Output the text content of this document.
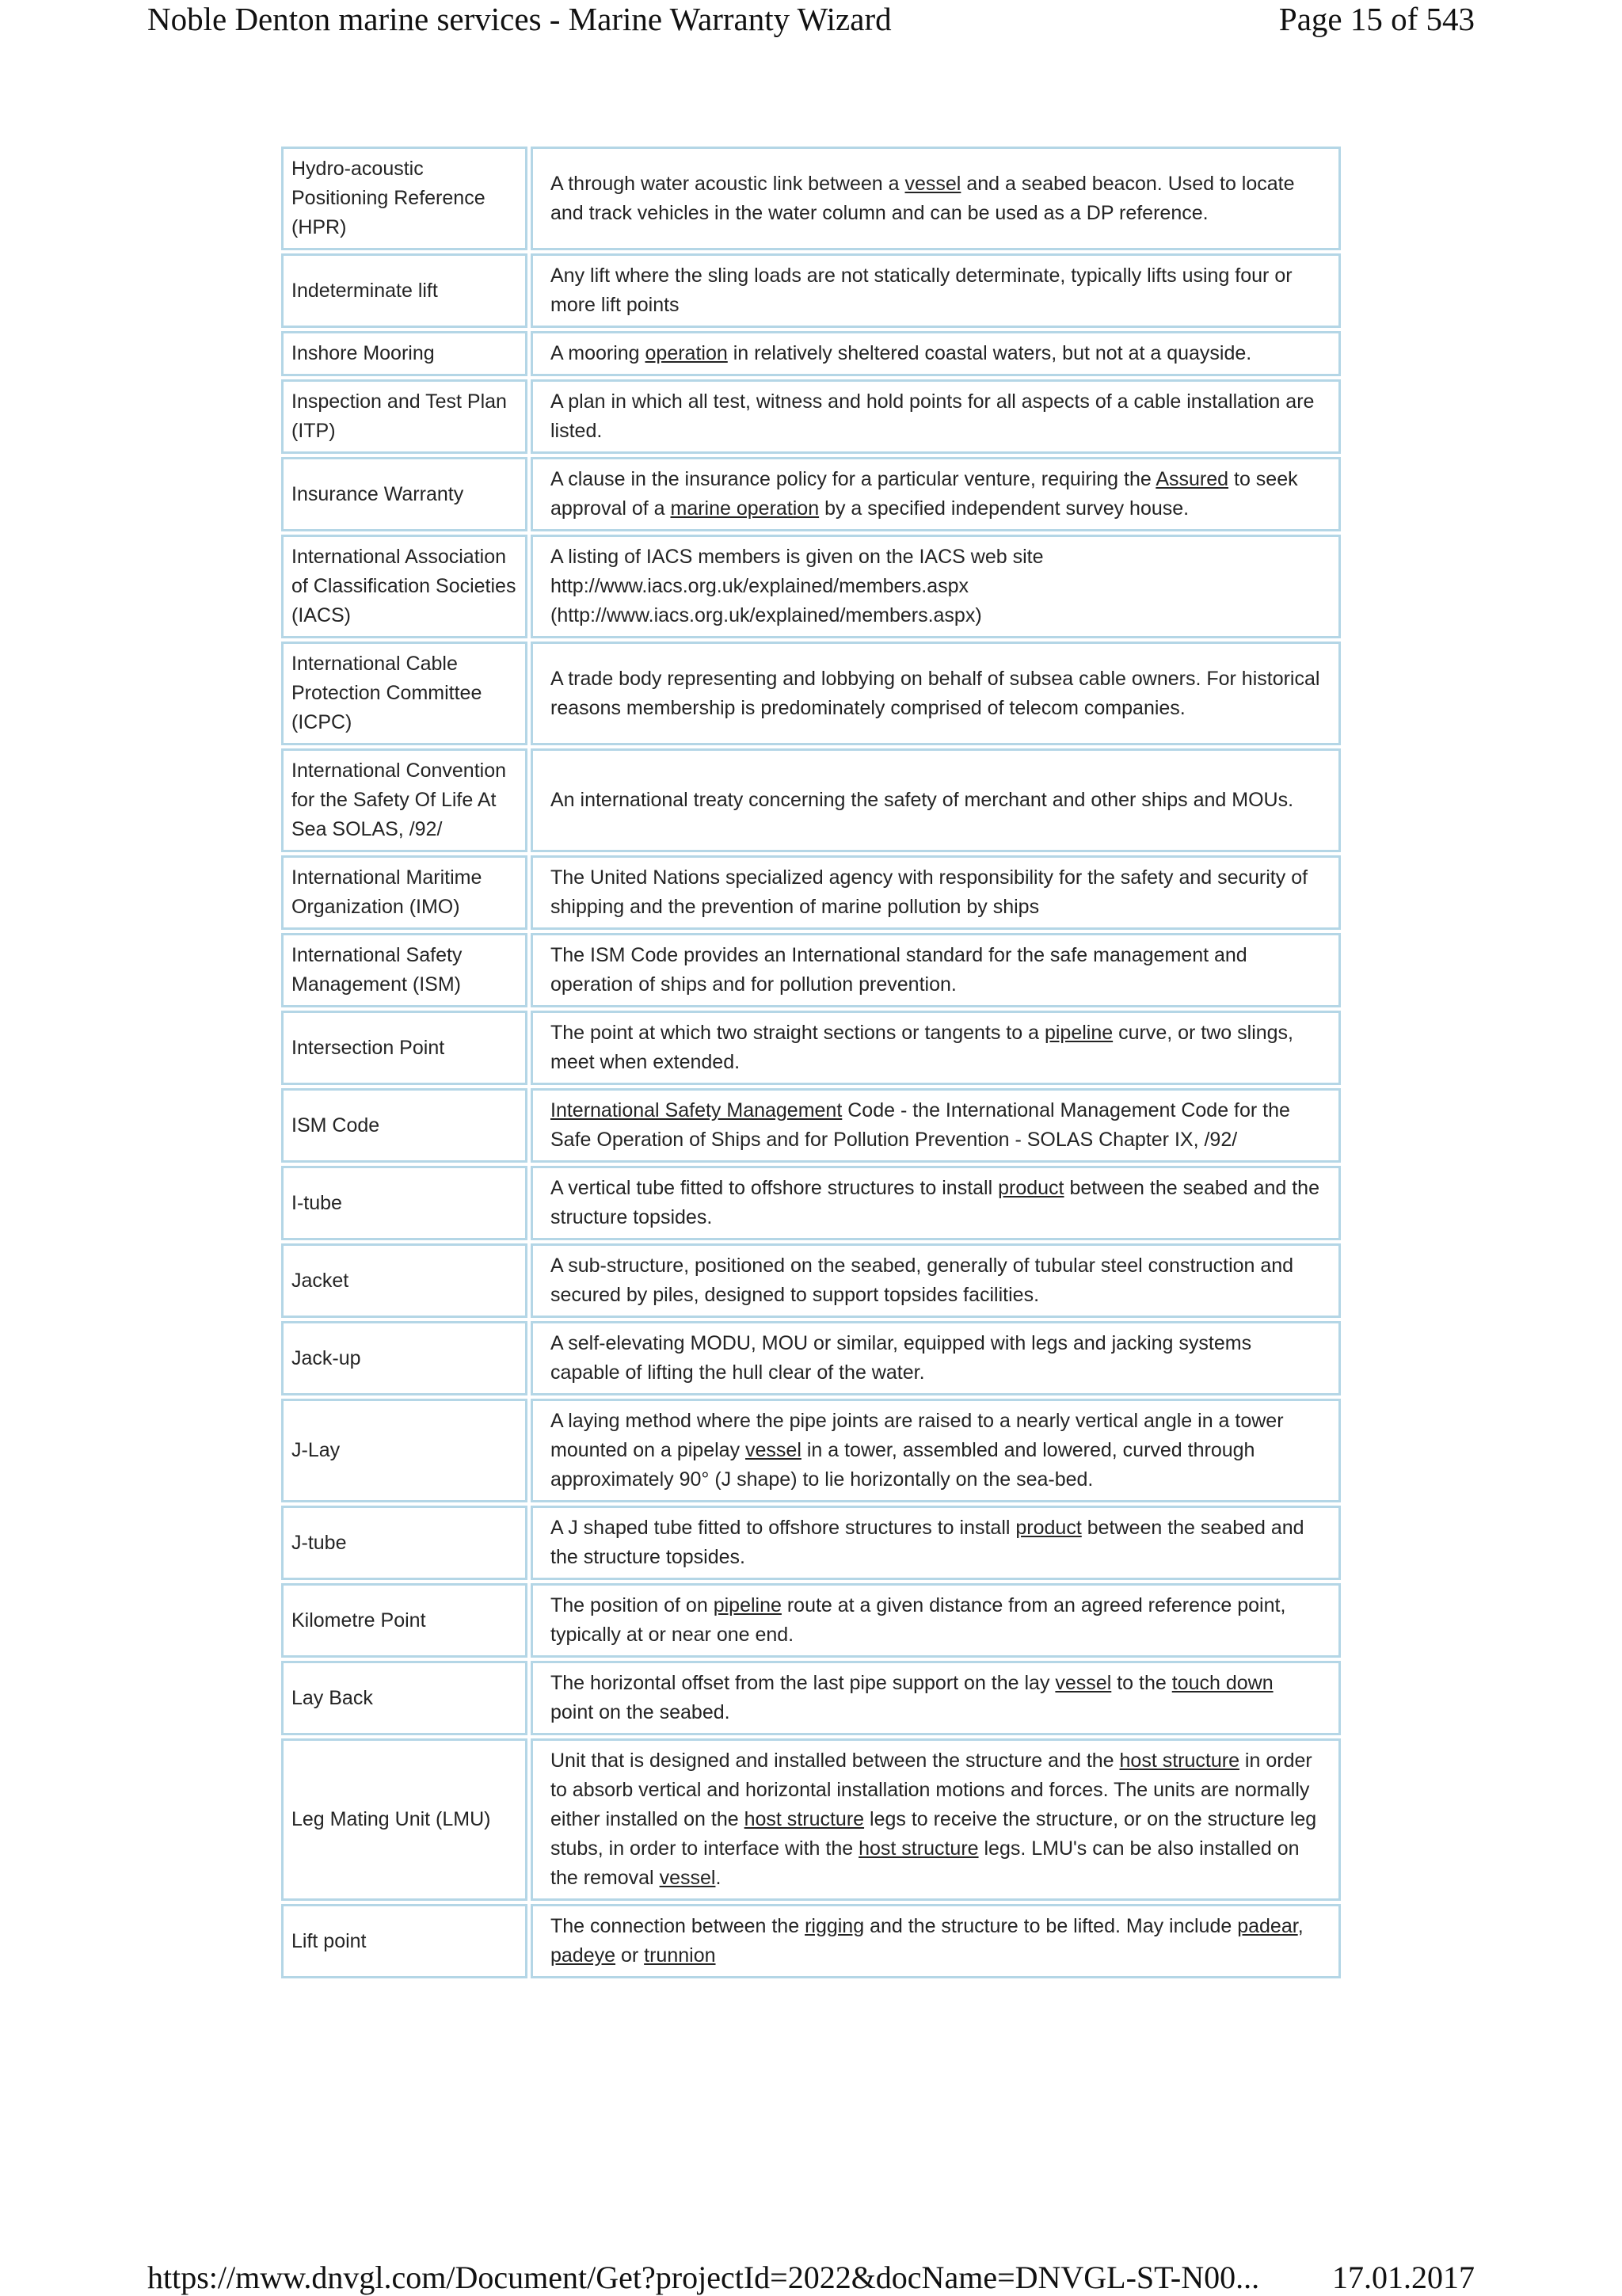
Noble Denton marine services - Marine Warranty Wizard	Page 15 of 543
Hydro-acoustic Positioning Reference (HPR)
A through water acoustic link between a vessel and a seabed beacon. Used to locate and track vehicles in the water column and can be used as a DP reference.
Indeterminate lift
Any lift where the sling loads are not statically determinate, typically lifts using four or more lift points
Inshore Mooring	A mooring operation in relatively sheltered coastal waters, but not at a quayside.
Inspection and Test Plan (ITP)
A plan in which all test, witness and hold points for all aspects of a cable installation are listed.
Insurance Warranty
A clause in the insurance policy for a particular venture, requiring the Assured to seek approval of a marine operation by a specified independent survey house.
International Association of Classification Societies (IACS)
A listing of IACS members is given on the IACS web site http://www.iacs.org.uk/explained/members.aspx (http://www.iacs.org.uk/explained/members.aspx)
International Cable Protection Committee (ICPC)
A trade body representing and lobbying on behalf of subsea cable owners. For historical reasons membership is predominately comprised of telecom companies.
International Convention for the Safety Of Life At Sea SOLAS, /92/
An international treaty concerning the safety of merchant and other ships and MOUs.
International Maritime Organization (IMO)
The United Nations specialized agency with responsibility for the safety and security of shipping and the prevention of marine pollution by ships
International Safety Management (ISM)
The ISM Code provides an International standard for the safe management and operation of ships and for pollution prevention.
Intersection Point
The point at which two straight sections or tangents to a pipeline curve, or two slings, meet when extended.
ISM Code
International Safety Management Code - the International Management Code for the Safe Operation of Ships and for Pollution Prevention - SOLAS Chapter IX, /92/
I-tube
A vertical tube fitted to offshore structures to install product between the seabed and the structure topsides.
Jacket
A sub-structure, positioned on the seabed, generally of tubular steel construction and secured by piles, designed to support topsides facilities.
Jack-up
A self-elevating MODU, MOU or similar, equipped with legs and jacking systems capable of lifting the hull clear of the water.
J-Lay
A laying method where the pipe joints are raised to a nearly vertical angle in a tower mounted on a pipelay vessel in a tower, assembled and lowered, curved through approximately 90° (J shape) to lie horizontally on the sea-bed.
J-tube
A J shaped tube fitted to offshore structures to install product between the seabed and the structure topsides.
Kilometre Point
The position of on pipeline route at a given distance from an agreed reference point, typically at or near one end.
Lay Back
The horizontal offset from the last pipe support on the lay vessel to the touch down point on the seabed.
Leg Mating Unit (LMU)
Unit that is designed and installed between the structure and the host structure in order to absorb vertical and horizontal installation motions and forces. The units are normally either installed on the host structure legs to receive the structure, or on the structure leg stubs, in order to interface with the host structure legs. LMU's can be also installed on the removal vessel.
Lift point
The connection between the rigging and the structure to be lifted. May include padear, padeye or trunnion
https://mww.dnvgl.com/Document/Get?projectId=2022&docName=DNVGL-ST-N00... 17.01.2017
